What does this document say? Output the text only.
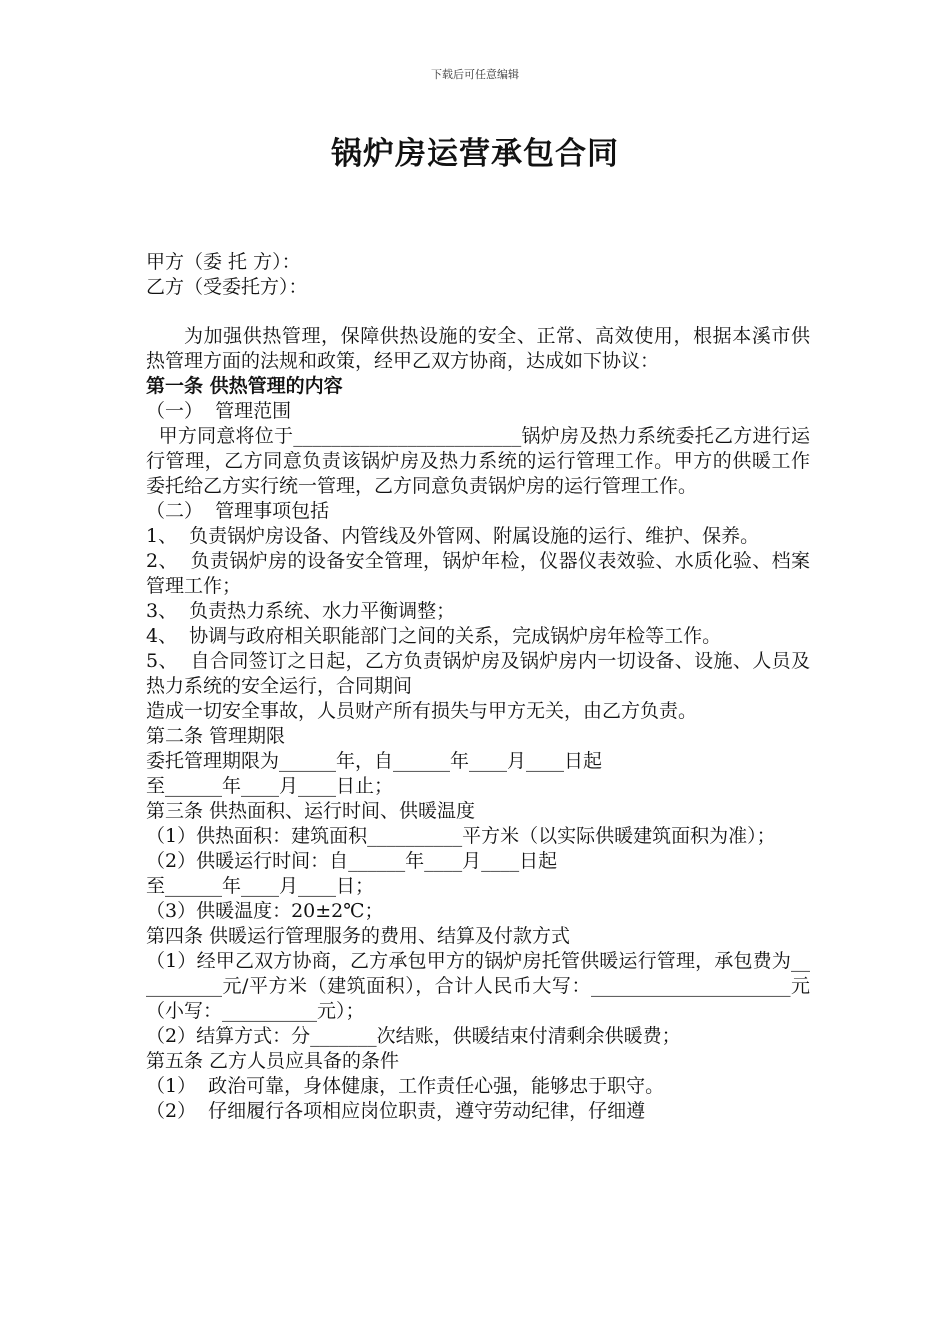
下载后可任意编辑
锅炉房运营承包合同

甲方（委 托 方）：

乙方（受委托方）：

为加强供热管理，保障供热设施的安全、正常、高效使用，根据本溪市供热管理方面的法规和政策，经甲乙双方协商，达成如下协议：

第一条 供热管理的内容

（一）  管理范围

甲方同意将位于________________________锅炉房及热力系统委托乙方进行运行管理，乙方同意负责该锅炉房及热力系统的运行管理工作。甲方的供暖工作委托给乙方实行统一管理，乙方同意负责锅炉房的运行管理工作。

（二）  管理事项包括

1、  负责锅炉房设备、内管线及外管网、附属设施的运行、维护、保养。

2、  负责锅炉房的设备安全管理，锅炉年检，仪器仪表效验、水质化验、档案管理工作；

3、  负责热力系统、水力平衡调整；

4、  协调与政府相关职能部门之间的关系，完成锅炉房年检等工作。

5、  自合同签订之日起，乙方负责锅炉房及锅炉房内一切设备、设施、人员及热力系统的安全运行，合同期间

造成一切安全事故，人员财产所有损失与甲方无关，由乙方负责。

第二条 管理期限

委托管理期限为______年，自______年____月____日起

至______年____月____日止；

第三条 供热面积、运行时间、供暖温度

（1）供热面积：建筑面积__________平方米（以实际供暖建筑面积为准）；

（2）供暖运行时间：自______年____月____日起

至______年____月____日；

（3）供暖温度：20±2℃；

第四条 供暖运行管理服务的费用、结算及付款方式

（1）经甲乙双方协商，乙方承包甲方的锅炉房托管供暖运行管理，承包费为__________元/平方米（建筑面积），合计人民币大写：_____________________元（小写：__________元）；

（2）结算方式：分_______次结账，供暖结束付清剩余供暖费；

第五条 乙方人员应具备的条件

（1）  政治可靠，身体健康，工作责任心强，能够忠于职守。

（2）  仔细履行各项相应岗位职责，遵守劳动纪律，仔细遵
